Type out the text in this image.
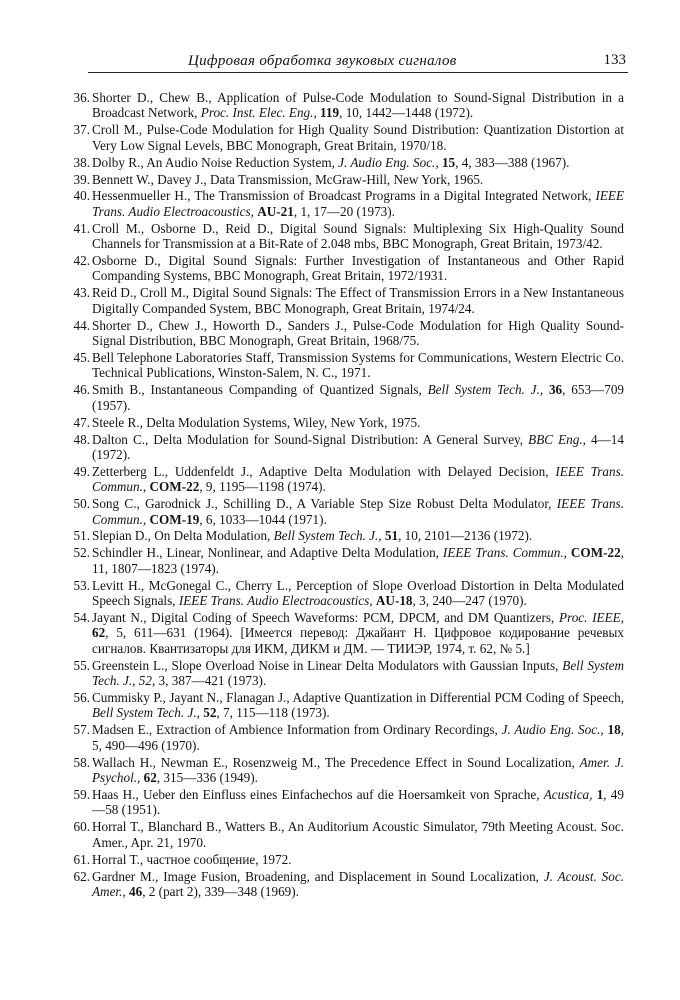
Цифровая обработка звуковых сигналов	133
36. Shorter D., Chew B., Application of Pulse-Code Modulation to Sound-Signal Distribution in a Broadcast Network, Proc. Inst. Elec. Eng., 119, 10, 1442—1448 (1972).
37. Croll M., Pulse-Code Modulation for High Quality Sound Distribution: Quantization Distortion at Very Low Signal Levels, BBC Monograph, Great Britain, 1970/18.
38. Dolby R., An Audio Noise Reduction System, J. Audio Eng. Soc., 15, 4, 383—388 (1967).
39. Bennett W., Davey J., Data Transmission, McGraw-Hill, New York, 1965.
40. Hessenmueller H., The Transmission of Broadcast Programs in a Digital Integrated Network, IEEE Trans. Audio Electroacoustics, AU-21, 1, 17—20 (1973).
41. Croll M., Osborne D., Reid D., Digital Sound Signals: Multiplexing Six High-Quality Sound Channels for Transmission at a Bit-Rate of 2.048 mbs, BBC Monograph, Great Britain, 1973/42.
42. Osborne D., Digital Sound Signals: Further Investigation of Instantaneous and Other Rapid Companding Systems, BBC Monograph, Great Britain, 1972/1931.
43. Reid D., Croll M., Digital Sound Signals: The Effect of Transmission Errors in a New Instantaneous Digitally Companded System, BBC Monograph, Great Britain, 1974/24.
44. Shorter D., Chew J., Howorth D., Sanders J., Pulse-Code Modulation for High Quality Sound-Signal Distribution, BBC Monograph, Great Britain, 1968/75.
45. Bell Telephone Laboratories Staff, Transmission Systems for Communications, Western Electric Co. Technical Publications, Winston-Salem, N. C., 1971.
46. Smith B., Instantaneous Companding of Quantized Signals, Bell System Tech. J., 36, 653—709 (1957).
47. Steele R., Delta Modulation Systems, Wiley, New York, 1975.
48. Dalton C., Delta Modulation for Sound-Signal Distribution: A General Survey, BBC Eng., 4—14 (1972).
49. Zetterberg L., Uddenfeldt J., Adaptive Delta Modulation with Delayed Decision, IEEE Trans. Commun., COM-22, 9, 1195—1198 (1974).
50. Song C., Garodnick J., Schilling D., A Variable Step Size Robust Delta Modulator, IEEE Trans. Commun., COM-19, 6, 1033—1044 (1971).
51. Slepian D., On Delta Modulation, Bell System Tech. J., 51, 10, 2101—2136 (1972).
52. Schindler H., Linear, Nonlinear, and Adaptive Delta Modulation, IEEE Trans. Commun., COM-22, 11, 1807—1823 (1974).
53. Levitt H., McGonegal C., Cherry L., Perception of Slope Overload Distortion in Delta Modulated Speech Signals, IEEE Trans. Audio Electroacoustics, AU-18, 3, 240—247 (1970).
54. Jayant N., Digital Coding of Speech Waveforms: PCM, DPCM, and DM Quantizers, Proc. IEEE, 62, 5, 611—631 (1964). [Имеется перевод: Джайант Н. Цифровое кодирование речевых сигналов. Квантизаторы для ИКМ, ДИКМ и ДМ. — ТИИЭР, 1974, т. 62, № 5.]
55. Greenstein L., Slope Overload Noise in Linear Delta Modulators with Gaussian Inputs, Bell System Tech. J., 52, 3, 387—421 (1973).
56. Cummisky P., Jayant N., Flanagan J., Adaptive Quantization in Differential PCM Coding of Speech, Bell System Tech. J., 52, 7, 115—118 (1973).
57. Madsen E., Extraction of Ambience Information from Ordinary Recordings, J. Audio Eng. Soc., 18, 5, 490—496 (1970).
58. Wallach H., Newman E., Rosenzweig M., The Precedence Effect in Sound Localization, Amer. J. Psychol., 62, 315—336 (1949).
59. Haas H., Ueber den Einfluss eines Einfachechos auf die Hoersamkeit von Sprache, Acustica, 1, 49—58 (1951).
60. Horral T., Blanchard B., Watters B., An Auditorium Acoustic Simulator, 79th Meeting Acoust. Soc. Amer., Apr. 21, 1970.
61. Horral T., частное сообщение, 1972.
62. Gardner M., Image Fusion, Broadening, and Displacement in Sound Localization, J. Acoust. Soc. Amer., 46, 2 (part 2), 339—348 (1969).
